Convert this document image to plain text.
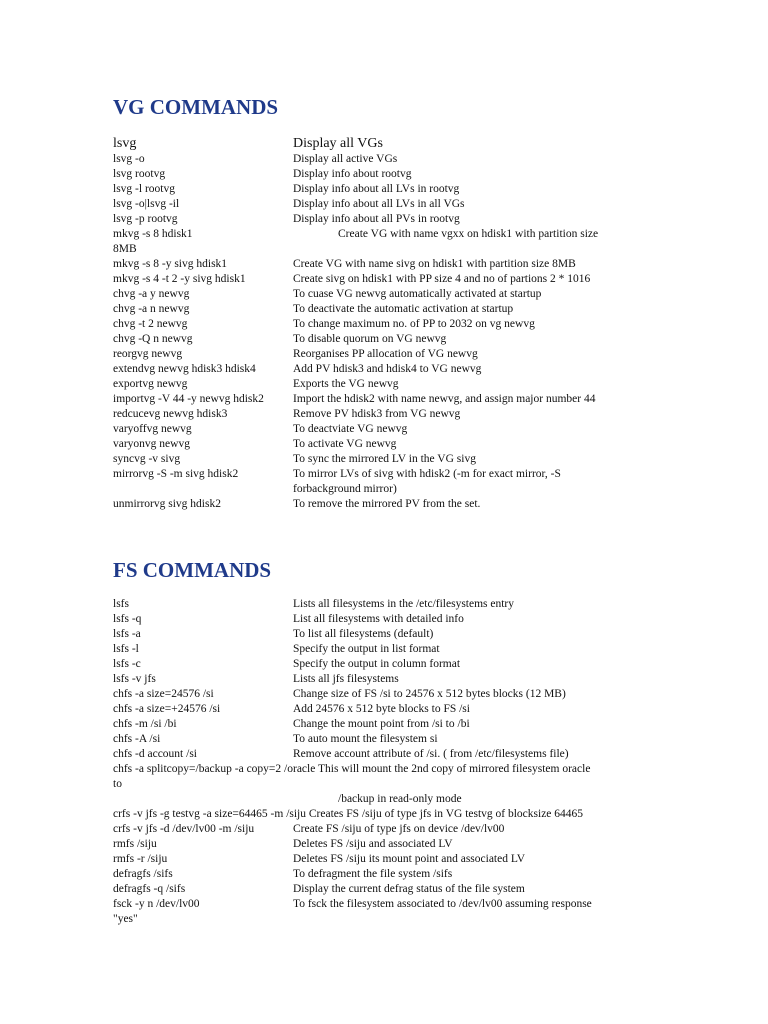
VG COMMANDS
lsvg	Display all VGs
lsvg -o	Display all active VGs
lsvg rootvg	Display info about rootvg
lsvg -l rootvg	Display info about all LVs in rootvg
lsvg -o|lsvg -il	Display info about all LVs in all VGs
lsvg -p rootvg	Display info about all PVs in rootvg
mkvg -s 8 hdisk1	Create VG with name vgxx on hdisk1 with partition size
8MB
mkvg -s 8 -y sivg hdisk1	Create VG with name sivg on hdisk1 with partition size 8MB
mkvg -s 4 -t 2 -y sivg hdisk1	Create sivg on hdisk1 with PP size 4 and no of partions 2 * 1016
chvg -a y newvg	To cuase VG newvg automatically activated at startup
chvg -a n newvg	To deactivate the automatic activation at startup
chvg -t 2 newvg	To change maximum no. of PP to 2032 on vg newvg
chvg -Q n newvg	To disable quorum on VG newvg
reorgvg newvg	Reorganises PP allocation of VG newvg
extendvg newvg hdisk3 hdisk4	Add PV hdisk3 and hdisk4 to VG newvg
exportvg newvg	Exports the VG newvg
importvg -V 44 -y newvg hdisk2	Import the hdisk2 with name newvg, and assign major number 44
redcucevg newvg hdisk3	Remove PV hdisk3 from VG newvg
varyoffvg newvg	To deactviate VG newvg
varyonvg newvg	To activate VG newvg
syncvg -v sivg	To sync the mirrored LV in the VG sivg
mirrorvg -S -m sivg hdisk2	To mirror LVs of sivg with hdisk2 (-m for exact mirror, -S
forbackground mirror)
unmirrorvg sivg hdisk2	To remove the mirrored PV from the set.
FS COMMANDS
lsfs	Lists all filesystems in the /etc/filesystems entry
lsfs -q	List all filesystems with detailed info
lsfs -a	To list all filesystems (default)
lsfs -l	Specify the output in list format
lsfs -c	Specify the output in column format
lsfs -v jfs	Lists all jfs filesystems
chfs -a size=24576 /si	Change size of FS /si to 24576 x 512 bytes blocks (12 MB)
chfs -a size=+24576 /si	Add 24576 x 512 byte blocks to FS /si
chfs -m /si /bi	Change the mount point from /si to /bi
chfs -A /si	To auto mount the filesystem si
chfs -d account /si	Remove account attribute of /si. ( from /etc/filesystems file)
chfs -a splitcopy=/backup -a copy=2 /oracle This will mount the 2nd copy of mirrored filesystem oracle
to
/backup in read-only mode
crfs -v jfs -g testvg -a size=64465 -m /siju Creates FS /siju of type jfs in VG testvg of blocksize 64465
crfs -v jfs -d /dev/lv00 -m /siju	Create FS /siju of type jfs on device /dev/lv00
rmfs /siju	Deletes FS /siju and associated LV
rmfs -r /siju	Deletes FS /siju its mount point and associated LV
defragfs /sifs	To defragment the file system /sifs
defragfs -q /sifs	Display the current defrag status of the file system
fsck -y n /dev/lv00	To fsck the filesystem associated to /dev/lv00 assuming response
"yes"
